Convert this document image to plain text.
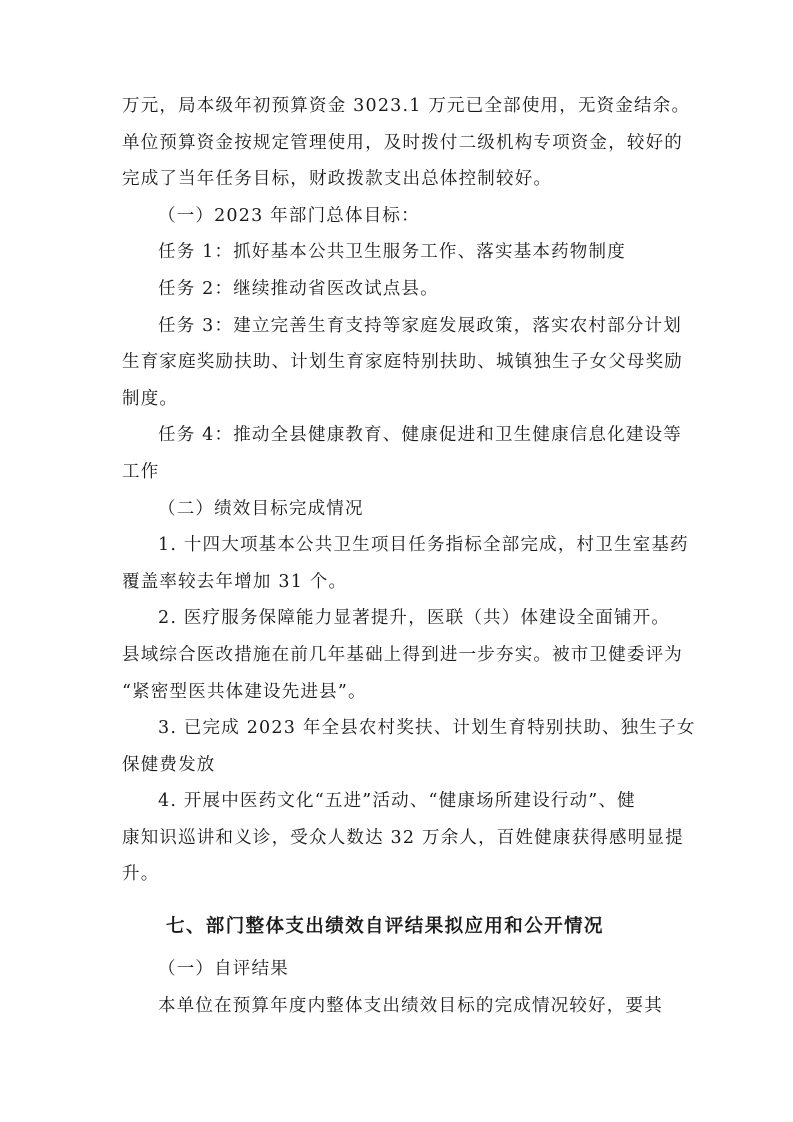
万元，局本级年初预算资金 3023.1 万元已全部使用，无资金结余。
单位预算资金按规定管理使用，及时拨付二级机构专项资金，较好的
完成了当年任务目标，财政拨款支出总体控制较好。
（一）2023 年部门总体目标：
任务 1：抓好基本公共卫生服务工作、落实基本药物制度
任务 2：继续推动省医改试点县。
任务 3：建立完善生育支持等家庭发展政策，落实农村部分计划
生育家庭奖励扶助、计划生育家庭特别扶助、城镇独生子女父母奖励
制度。
任务 4：推动全县健康教育、健康促进和卫生健康信息化建设等
工作
（二）绩效目标完成情况
1. 十四大项基本公共卫生项目任务指标全部完成，村卫生室基药
覆盖率较去年增加 31 个。
2. 医疗服务保障能力显著提升，医联（共）体建设全面铺开。
县域综合医改措施在前几年基础上得到进一步夯实。被市卫健委评为
“紧密型医共体建设先进县”。
3. 已完成 2023 年全县农村奖扶、计划生育特别扶助、独生子女
保健费发放
4. 开展中医药文化“五进”活动、“健康场所建设行动”、健
康知识巡讲和义诊，受众人数达 32 万余人，百姓健康获得感明显提
升。
七、部门整体支出绩效自评结果拟应用和公开情况
（一）自评结果
本单位在预算年度内整体支出绩效目标的完成情况较好，要其
